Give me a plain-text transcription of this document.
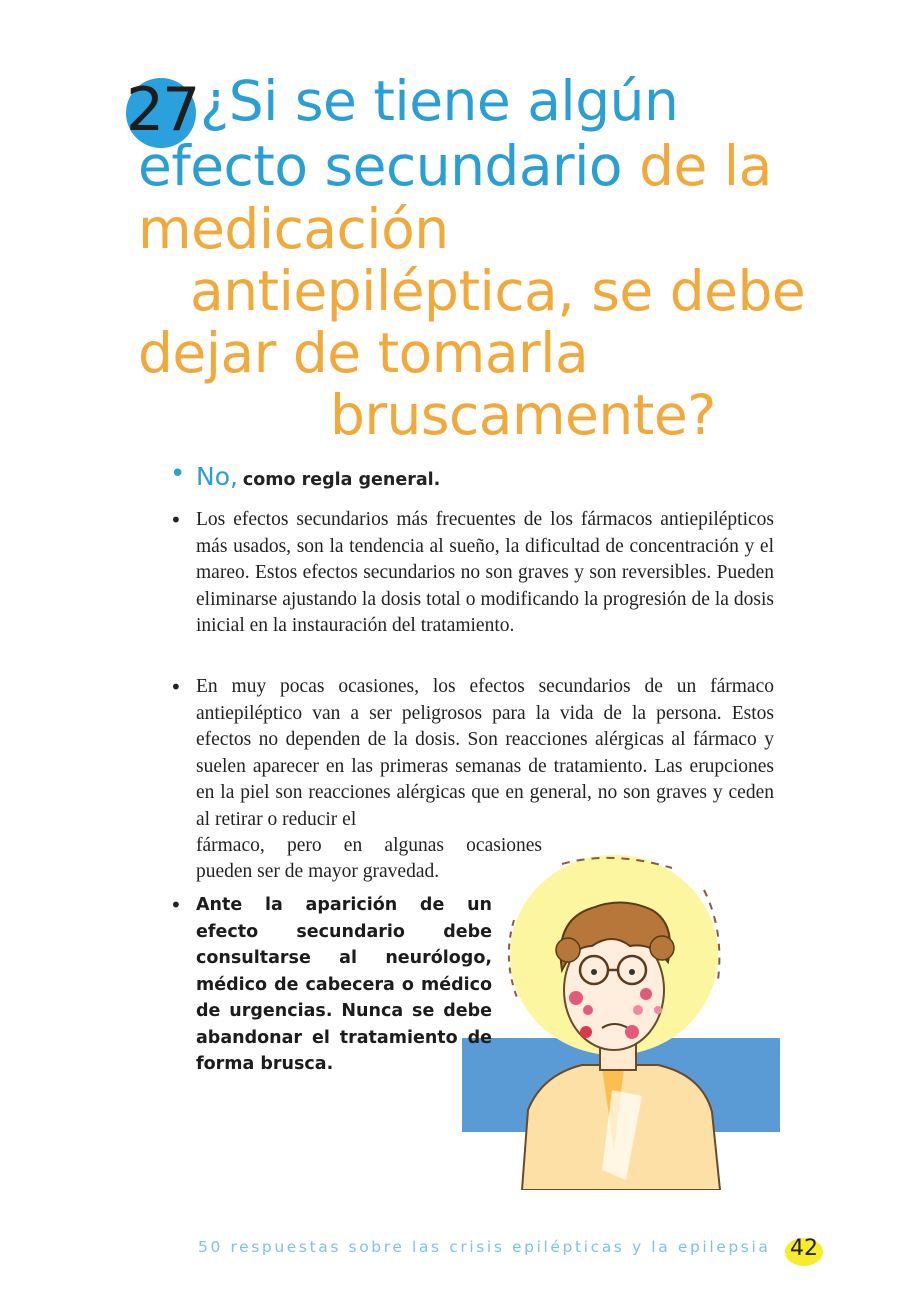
27 ¿Si se tiene algún
efecto secundario de la
medicación
antiepiléptica, se debe
dejar de tomarla
bruscamente?
• No, como regla general.
• Los efectos secundarios más frecuentes de los fármacos antiepilépticos más usados, son la tendencia al sueño, la dificultad de concentración y el mareo. Estos efectos secundarios no son graves y son reversibles. Pueden eliminarse ajustando la dosis total o modificando la progresión de la dosis inicial en la instauración del tratamiento.
• En muy pocas ocasiones, los efectos secundarios de un fármaco antiepiléptico van a ser peligrosos para la vida de la persona. Estos efectos no dependen de la dosis. Son reacciones alérgicas al fármaco y suelen aparecer en las primeras semanas de tratamiento. Las erupciones en la piel son reacciones alérgicas que en general, no son graves y ceden al retirar o reducir el
fármaco, pero en algunas ocasiones
pueden ser de mayor gravedad.
• Ante la aparición de un efecto secundario debe consultarse al neurólogo, médico de cabecera o médico de urgencias. Nunca se debe abandonar el tratamiento de forma brusca.
50 respuestas sobre las crisis epilépticas y la epilepsia 42
